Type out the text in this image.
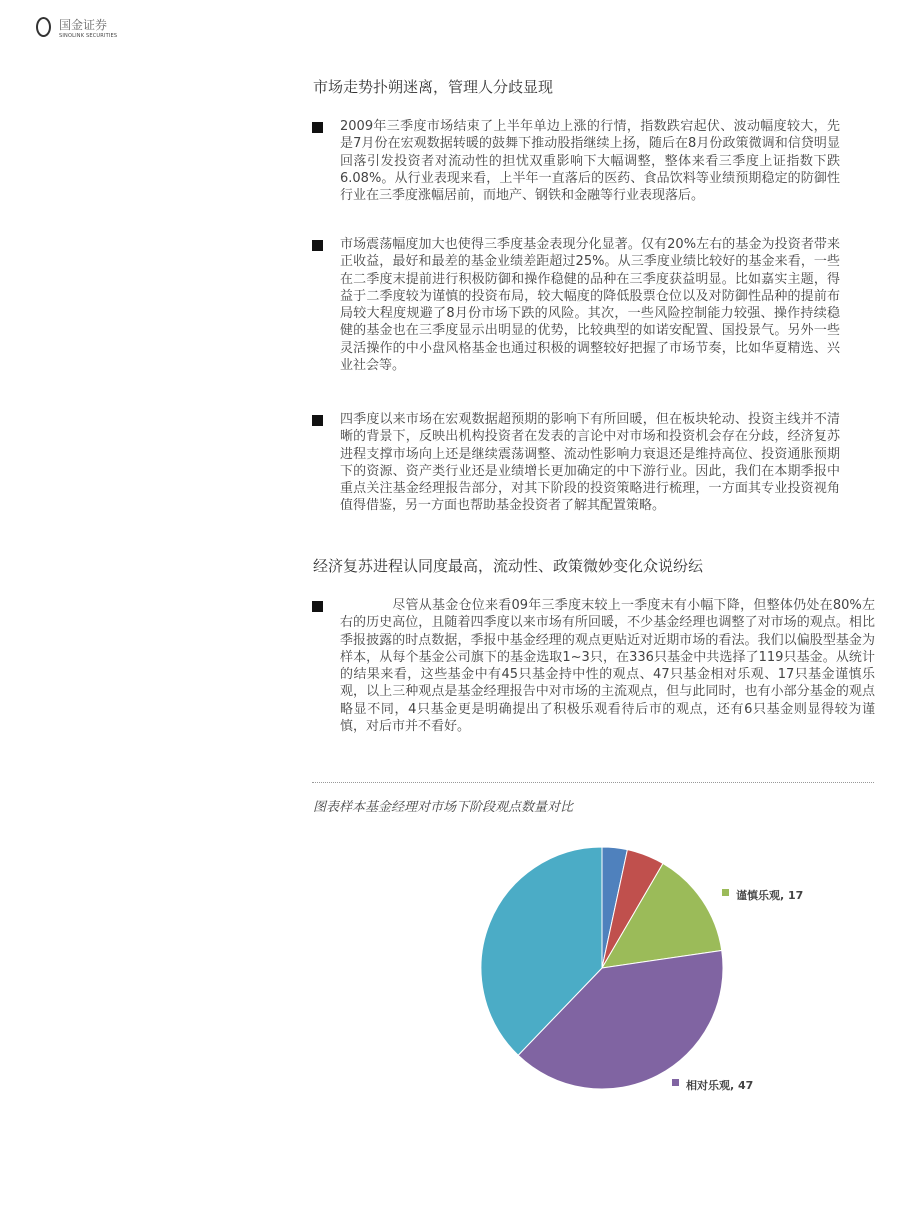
国金证券
SINOLINK SECURITIES
市场走势扑朔迷离，管理人分歧显现
2009年三季度市场结束了上半年单边上涨的行情，指数跌宕起伏、波动幅度较大，先是7月份在宏观数据转暖的鼓舞下推动股指继续上扬，随后在8月份政策微调和信贷明显回落引发投资者对流动性的担忧双重影响下大幅调整，整体来看三季度上证指数下跌6.08%。从行业表现来看，上半年一直落后的医药、食品饮料等业绩预期稳定的防御性行业在三季度涨幅居前，而地产、钢铁和金融等行业表现落后。
市场震荡幅度加大也使得三季度基金表现分化显著。仅有20%左右的基金为投资者带来正收益，最好和最差的基金业绩差距超过25%。从三季度业绩比较好的基金来看，一些在二季度末提前进行积极防御和操作稳健的品种在三季度获益明显。比如嘉实主题，得益于二季度较为谨慎的投资布局，较大幅度的降低股票仓位以及对防御性品种的提前布局较大程度规避了8月份市场下跌的风险。其次，一些风险控制能力较强、操作持续稳健的基金也在三季度显示出明显的优势，比较典型的如诺安配置、国投景气。另外一些灵活操作的中小盘风格基金也通过积极的调整较好把握了市场节奏，比如华夏精选、兴业社会等。
四季度以来市场在宏观数据超预期的影响下有所回暖，但在板块轮动、投资主线并不清晰的背景下，反映出机构投资者在发表的言论中对市场和投资机会存在分歧，经济复苏进程支撑市场向上还是继续震荡调整、流动性影响力衰退还是维持高位、投资通胀预期下的资源、资产类行业还是业绩增长更加确定的中下游行业。因此，我们在本期季报中重点关注基金经理报告部分，对其下阶段的投资策略进行梳理，一方面其专业投资视角值得借鉴，另一方面也帮助基金投资者了解其配置策略。
经济复苏进程认同度最高，流动性、政策微妙变化众说纷纭
尽管从基金仓位来看09年三季度末较上一季度末有小幅下降，但整体仍处在80%左右的历史高位，且随着四季度以来市场有所回暖，不少基金经理也调整了对市场的观点。相比季报披露的时点数据，季报中基金经理的观点更贴近对近期市场的看法。我们以偏股型基金为样本，从每个基金公司旗下的基金选取1~3只，在336只基金中共选择了119只基金。从统计的结果来看，这些基金中有45只基金持中性的观点、47只基金相对乐观、17只基金谨慎乐观，以上三种观点是基金经理报告中对市场的主流观点，但与此同时，也有小部分基金的观点略显不同，4只基金更是明确提出了积极乐观看待后市的观点，还有6只基金则显得较为谨慎，对后市并不看好。
图表样本基金经理对市场下阶段观点数量对比
谨慎乐观, 17
相对乐观, 47
